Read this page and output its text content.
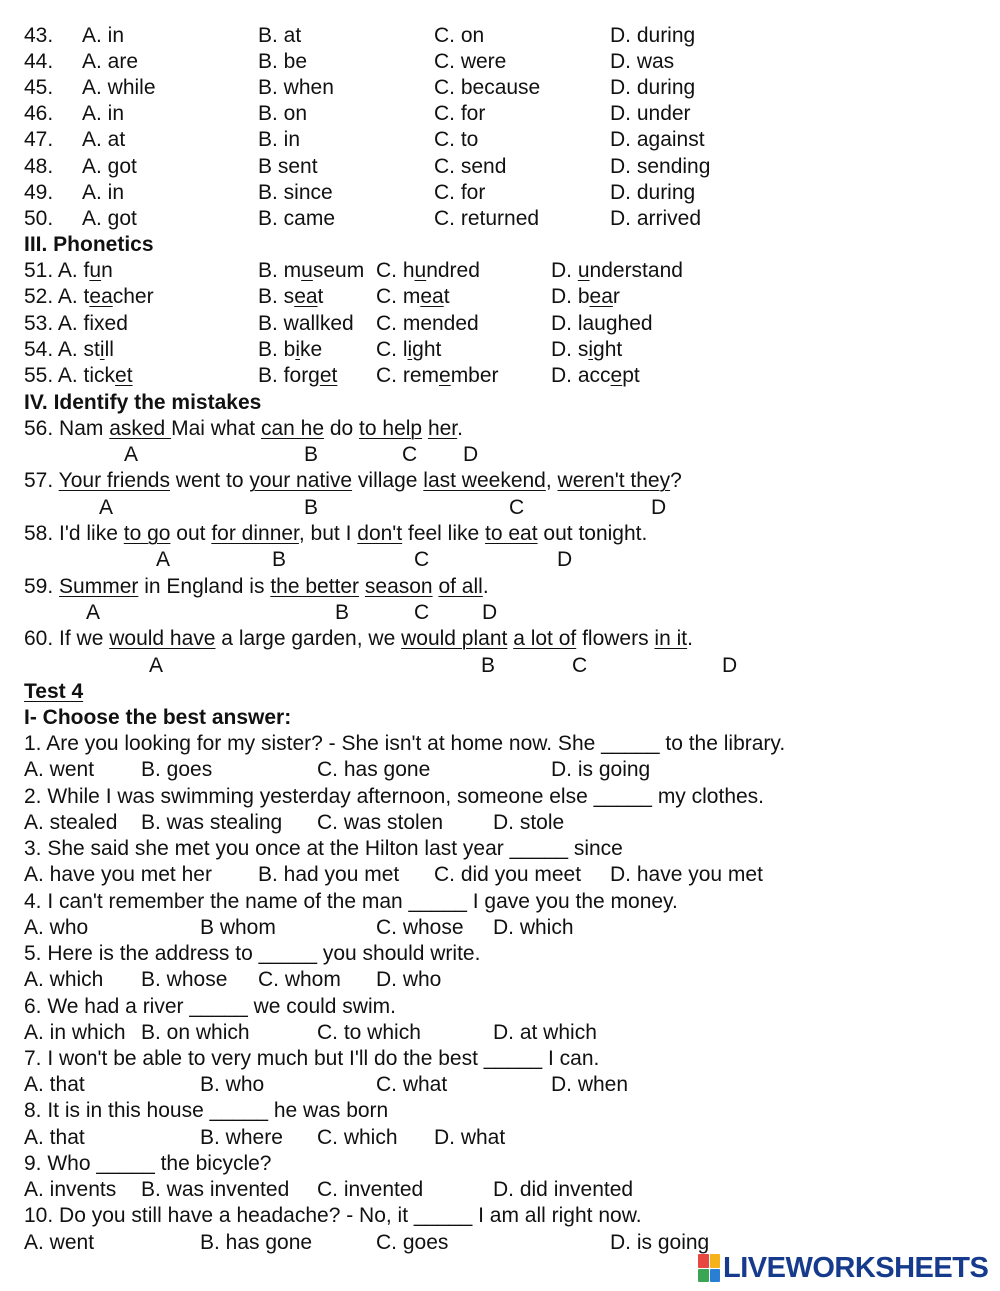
43. A. in	B. at	C. on	D. during
44. A. are	B. be	C. were	D. was
45. A. while	B. when	C. because	D. during
46. A. in	B. on	C. for	D. under
47. A. at	B. in	C. to	D. against
48. A. got	B sent	C. send	D. sending
49. A. in	B. since	C. for	D. during
50. A. got	B. came	C. returned	D. arrived
III. Phonetics
51. A. fun	B. museum C. hundred	D. understand
52. A. teacher	B. seat	C. meat	D. bear
53. A. fixed	B. wallked C. mended	D. laughed
54. A. still	B. bike	C. light	D. sight
55. A. ticket	B. forget C. remember D. accept
IV. Identify the mistakes
56. Nam asked Mai what can he do to help her.
A	B	C D
57. Your friends went to your native village last weekend, weren't they?
A	B	C	D
58. I'd like to go out for dinner, but I don't feel like to eat out tonight.
A	B	C	D
59. Summer in England is the better season of all.
A	B	C	D
60. If we would have a large garden, we would plant a lot of flowers in it.
A	B	C	D
Test 4
I- Choose the best answer:
1. Are you looking for my sister? - She isn't at home now. She _____ to the library.
A. went B. goes	C. has gone	D. is going
2. While I was swimming yesterday afternoon, someone else _____ my clothes.
A. stealed B. was stealing C. was stolen D. stole
3. She said she met you once at the Hilton last year _____ since
A. have you met her B. had you met C. did you meet D. have you met
4. I can't remember the name of the man _____ I gave you the money.
A. who	B whom	C. whose D. which
5. Here is the address to _____ you should write.
A. which B. whose C. whom D. who
6. We had a river _____ we could swim.
A. in which B. on which	C. to which	D. at which
7. I won't be able to very much but I'll do the best _____ I can.
A. that	B. who	C. what	D. when
8. It is in this house _____ he was born
A. that	B. where C. which D. what
9. Who _____ the bicycle?
A. invents B. was invented C. invented	D. did invented
10. Do you still have a headache? - No, it _____ I am all right now.
A. went	B. has gone	C. goes	D. is going
LIVEWORKSHEETS
